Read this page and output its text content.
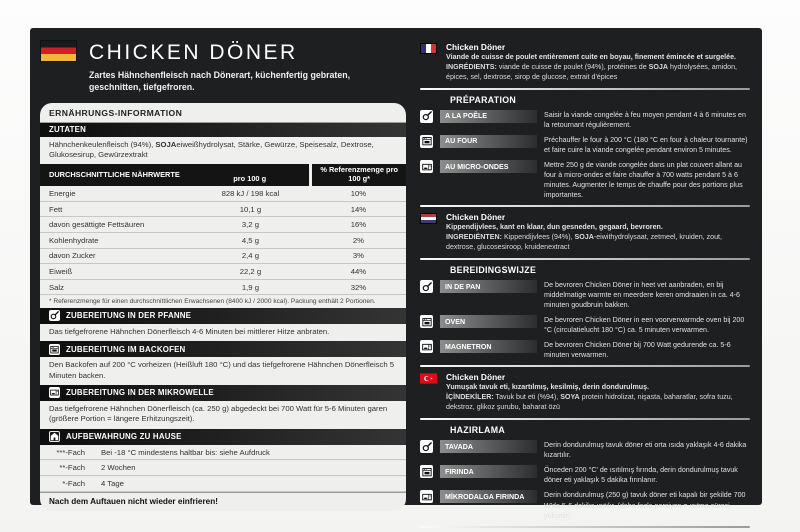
CHICKEN DÖNER
Zartes Hähnchenfleisch nach Dönerart, küchenfertig gebraten, geschnitten, tiefgefroren.
ERNÄHRUNGS-INFORMATION
ZUTATEN

Hähnchenkeulenfleisch (94%), SOJAeiweißhydrolysat, Stärke, Gewürze, Speisesalz, Dextrose, Glukosesirup, Gewürzextrakt

DURCHSCHNITTLICHE NÄHRWERTE	pro 100 g	% Referenzmenge pro 100 g*
Energie	828 kJ / 198 kcal	10%
Fett	10,1 g	14%
davon gesättigte Fettsäuren	3,2 g	16%
Kohlenhydrate	4,5 g	2%
davon Zucker	2,4 g	3%
Eiweiß	22,2 g	44%
Salz	1,9 g	32%
* Referenzmenge für einen durchschnittlichen Erwachsenen (8400 kJ / 2000 kcal). Packung enthält 2 Portionen.
ZUBEREITUNG IN DER PFANNE
Das tiefgefrorene Hähnchen Dönerfleisch 4-6 Minuten bei mittlerer Hitze anbraten.
ZUBEREITUNG IM BACKOFEN
Den Backofen auf 200 °C vorheizen (Heißluft 180 °C) und das tiefgefrorene Hähnchen Dönerfleisch 5 Minuten backen.
ZUBEREITUNG IN DER MIKROWELLE
Das tiefgefrorene Hähnchen Dönerfleisch (ca. 250 g) abgedeckt bei 700 Watt für 5-6 Minuten garen (größere Portion = längere Erhitzungszeit).
AUFBEWAHRUNG ZU HAUSE
***-Fach	Bei -18 °C mindestens haltbar bis: siehe Aufdruck
**-Fach	2 Wochen
*-Fach	4 Tage
Nach dem Auftauen nicht wieder einfrieren!
Chicken Döner
Viande de cuisse de poulet entièrement cuite en boyau, finement émincée et surgelée.
INGRÉDIENTS: viande de cuisse de poulet (94%), protéines de SOJA hydrolysées, amidon, épices, sel, dextrose, sirop de glucose, extrait d'épices
PRÉPARATION
A LA POÊLE	Saisir la viande congelée à feu moyen pendant 4 à 6 minutes en la retournant régulièrement.
AU FOUR	Préchauffer le four à 200 °C (180 °C en four à chaleur tournante) et faire cuire la viande congelée pendant environ 5 minutes.
AU MICRO-ONDES	Mettre 250 g de viande congelée dans un plat couvert allant au four à micro-ondes et faire chauffer à 700 watts pendant 5 à 6 minutes. Augmenter le temps de chauffe pour des portions plus importantes.
Chicken Döner
Kippendijvlees, kant en klaar, dun gesneden, gegaard, bevroren.
INGREDIËNTEN: Kippendijvlees (94%), SOJA-eiwithydrolysaat, zetmeel, kruiden, zout, dextrose, glucosesiroop, kruidenextract
BEREIDINGSWIJZE
IN DE PAN	De bevroren Chicken Döner in heet vet aanbraden, en bij middelmatige warmte en meerdere keren omdraaien in ca. 4-6 minuten goudbruin bakken.
OVEN	De bevroren Chicken Döner in een voorverwarmde oven bij 200 °C (circulatielucht 180 °C) ca. 5 minuten verwarmen.
MAGNETRON	De bevroren Chicken Döner bij 700 Watt gedurende ca. 5-6 minuten verwarmen.
Chicken Döner
Yumuşak tavuk eti, kızartılmış, kesilmiş, derin dondurulmuş.
İÇİNDEKİLER: Tavuk but eti (%94), SOYA protein hidrolizat, nişasta, baharatlar, sofra tuzu, dekstroz, glikoz şurubu, baharat özü
HAZIRLAMA
TAVADA	Derin dondurulmuş tavuk döner eti orta ısıda yaklaşık 4-6 dakika kızartılır.
FIRINDA	Önceden 200 °C' de ısıtılmış fırında, derin dondurulmuş tavuk döner eti yaklaşık 5 dakika fırınlanır.
MİKRODALGA FIRINDA	Derin dondurulmuş (250 g) tavuk döner eti kapalı bir şekilde 700 W'da 5-6 dakika ısıtılır. (daha fazla porsiyon = ısıtma süresi yükselir)
